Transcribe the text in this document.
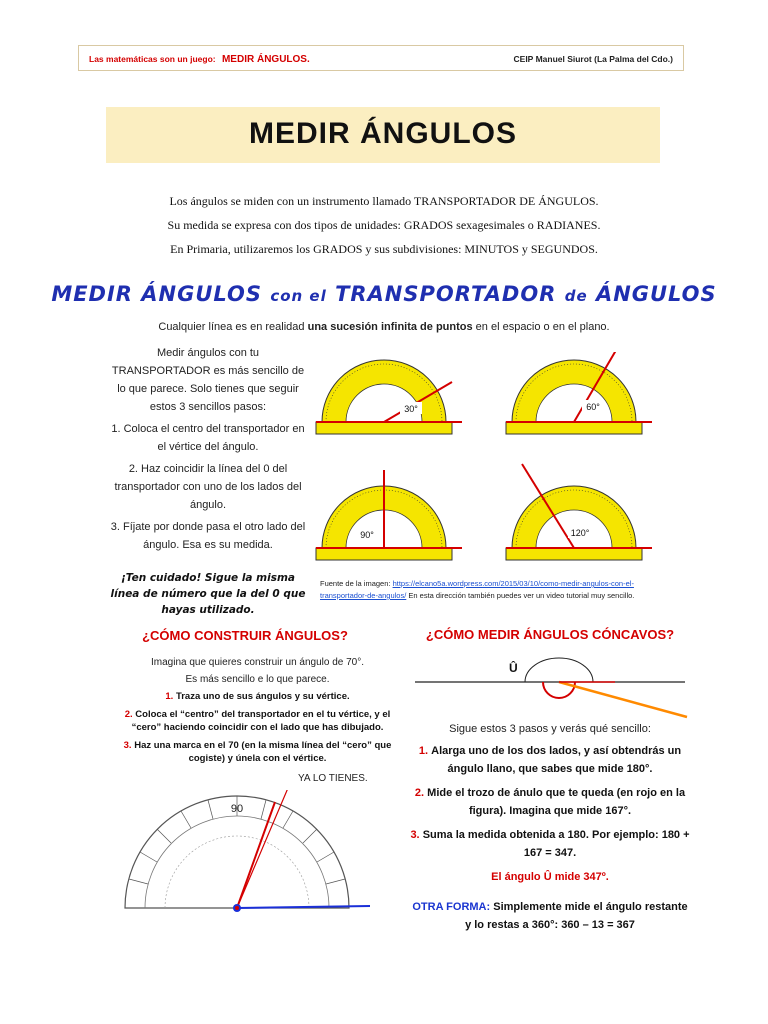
Las matemáticas son un juego: MEDIR ÁNGULOS.	CEIP Manuel Siurot (La Palma del Cdo.)
MEDIR ÁNGULOS
Los ángulos se miden con un instrumento llamado TRANSPORTADOR DE ÁNGULOS.
Su medida se expresa con dos tipos de unidades: GRADOS sexagesimales o RADIANES.
En Primaria, utilizaremos los GRADOS y sus subdivisiones: MINUTOS y SEGUNDOS.
MEDIR ÁNGULOS con el TRANSPORTADOR de ÁNGULOS
Cualquier línea es en realidad una sucesión infinita de puntos en el espacio o en el plano.

Medir ángulos con tu TRANSPORTADOR es más sencillo de lo que parece. Solo tienes que seguir estos 3 sencillos pasos:

1. Coloca el centro del transportador en el vértice del ángulo.

2. Haz coincidir la línea del 0 del transportador con uno de los lados del ángulo.

3. Fíjate por donde pasa el otro lado del ángulo. Esa es su medida.

¡Ten cuidado! Sigue la misma línea de número que la del 0 que hayas utilizado.
30°	60°
90°	120°
Fuente de la imagen: https://elcano5a.wordpress.com/2015/03/10/como-medir-angulos-con-el-transportador-de-angulos/ En esta dirección también puedes ver un video tutorial muy sencillo.
¿CÓMO CONSTRUIR ÁNGULOS?
Imagina que quieres construir un ángulo de 70°.
Es más sencillo e lo que parece.

1. Traza uno de sus ángulos y su vértice.

2. Coloca el “centro” del transportador en el tu vértice, y el “cero” haciendo coincidir con el lado que has dibujado.

3. Haz una marca en el 70 (en la misma línea del “cero” que cogiste) y únela con el vértice.

YA LO TIENES.
90
¿CÓMO MEDIR ÁNGULOS CÓNCAVOS?
Û
Sigue estos 3 pasos y verás qué sencillo:

1. Alarga uno de los dos lados, y así obtendrás un ángulo llano, que sabes que mide 180°.

2. Mide el trozo de ánulo que te queda (en rojo en la figura). Imagina que mide 167°.

3. Suma la medida obtenida a 180. Por ejemplo: 180 + 167 = 347.

El ángulo Û mide 347º.

OTRA FORMA: Simplemente mide el ángulo restante y lo restas a 360°: 360 – 13 = 367
